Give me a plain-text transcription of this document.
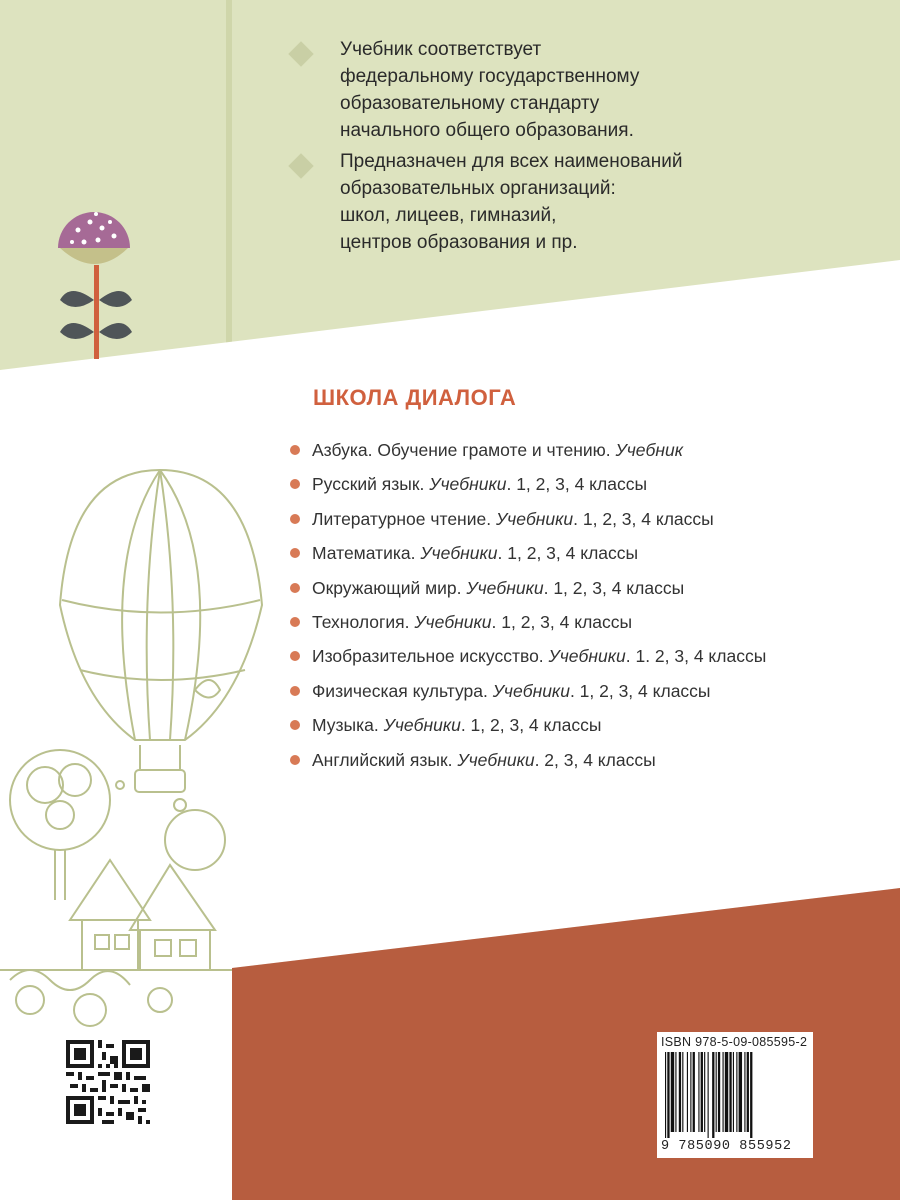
Учебник соответствует
федеральному государственному
образовательному стандарту
начального общего образования.
Предназначен для всех наименований
образовательных организаций:
школ, лицеев, гимназий,
центров образования и пр.
ШКОЛА ДИАЛОГА
Азбука. Обучение грамоте и чтению. Учебник
Русский язык. Учебники. 1, 2, 3, 4 классы
Литературное чтение. Учебники. 1, 2, 3, 4 классы
Математика. Учебники. 1, 2, 3, 4 классы
Окружающий мир. Учебники. 1, 2, 3, 4 классы
Технология. Учебники. 1, 2, 3, 4 классы
Изобразительное искусство. Учебники. 1. 2, 3, 4 классы
Физическая культура. Учебники. 1, 2, 3, 4 классы
Музыка. Учебники. 1, 2, 3, 4 классы
Английский язык. Учебники. 2, 3, 4 классы
ISBN 978-5-09-085595-2
9 785090 855952
